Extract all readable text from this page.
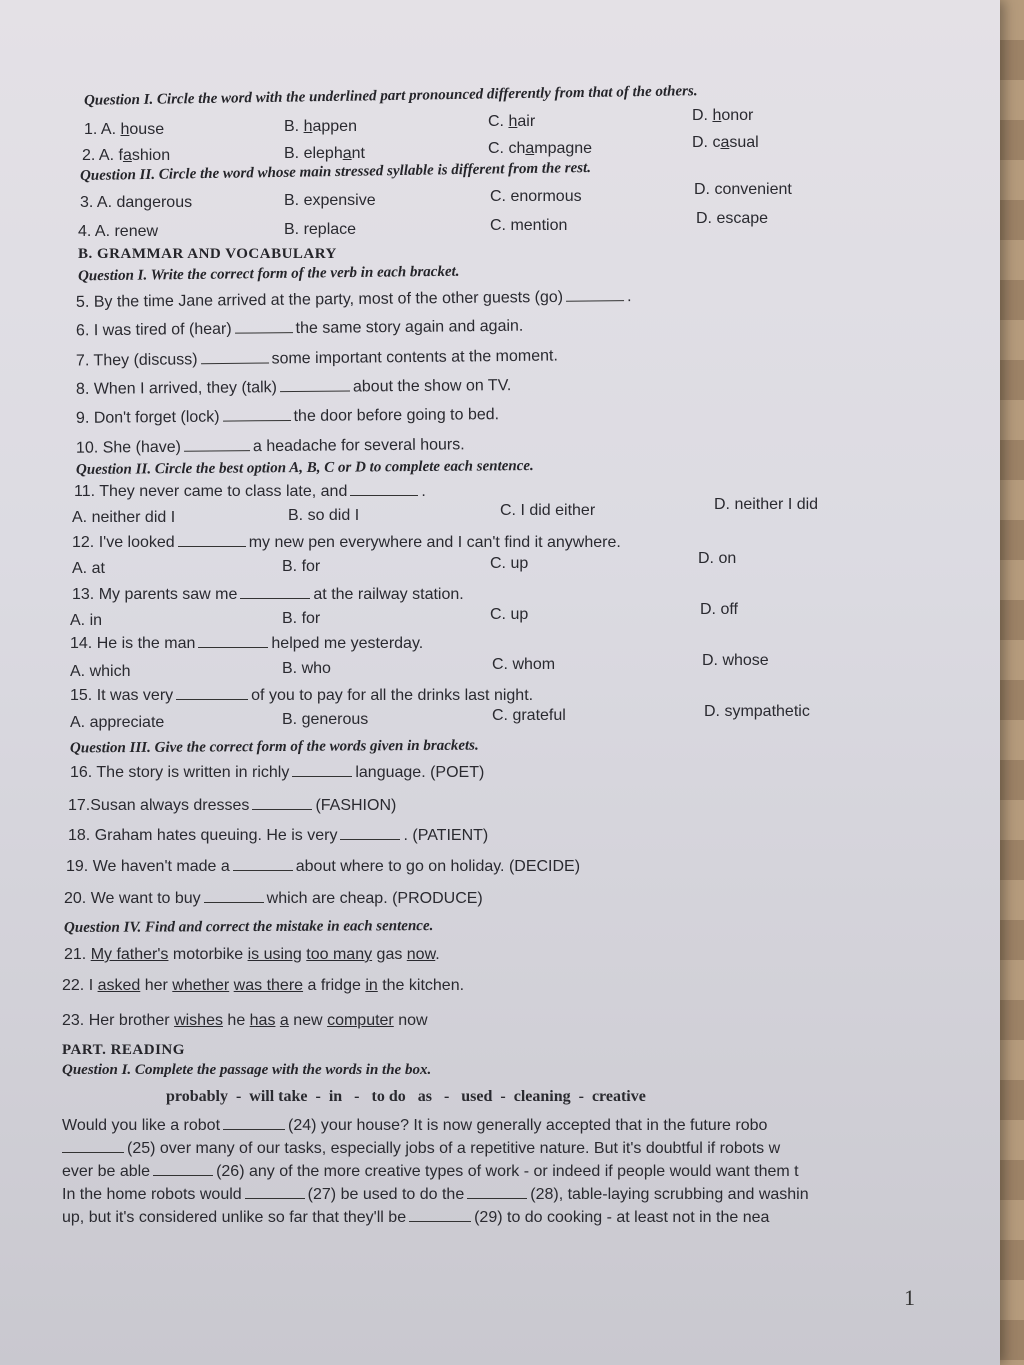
Question I. Circle the word with the underlined part pronounced differently from that of the others.
1. A. house	B. happen	C. hair	D. honor
2. A. fashion	B. elephant	C. champagne	D. casual
Question II. Circle the word whose main stressed syllable is different from the rest.
3. A. dangerous	B. expensive	C. enormous	D. convenient
4. A. renew	B. replace	C. mention	D. escape
B. GRAMMAR AND VOCABULARY
Question I. Write the correct form of the verb in each bracket.
5. By the time Jane arrived at the party, most of the other guests (go)	.
6. I was tired of (hear)	the same story again and again.
7. They (discuss)	some important contents at the moment.
8. When I arrived, they (talk)	about the show on TV.
9. Don't forget (lock)	the door before going to bed.
10. She (have)	a headache for several hours.
Question II. Circle the best option A, B, C or D to complete each sentence.
11. They never came to class late, and	.
A. neither did I	B. so did I	C. I did either	D. neither I did
12. I've looked	my new pen everywhere and I can't find it anywhere.
A. at	B. for	C. up	D. on
13. My parents saw me	at the railway station.
A. in	B. for	C. up	D. off
14. He is the man	helped me yesterday.
A. which	B. who	C. whom	D. whose
15. It was very	of you to pay for all the drinks last night.
A. appreciate	B. generous	C. grateful	D. sympathetic
Question III. Give the correct form of the words given in brackets.
16. The story is written in richly	language. (POET)
17.Susan always dresses	(FASHION)
18. Graham hates queuing. He is very	. (PATIENT)
19. We haven't made a	about where to go on holiday. (DECIDE)
20. We want to buy	which are cheap. (PRODUCE)
Question IV. Find and correct the mistake in each sentence.
21. My father's motorbike is using too many gas now.
22. I asked her whether was there a fridge in the kitchen.
23. Her brother wishes he has a new computer now
PART. READING
Question I. Complete the passage with the words in the box.
probably  -  will take  -  in   -   to do   as   -   used  -  cleaning  -  creative
Would you like a robot	(24) your house? It is now generally accepted that in the future robo
(25) over many of our tasks, especially jobs of a repetitive nature. But it's doubtful if robots w
ever be able	(26) any of the more creative types of work - or indeed if people would want them t
In the home robots would	(27) be used to do the	(28), table-laying scrubbing and washin
up, but it's considered unlike so far that they'll be	(29) to do cooking - at least not in the nea
1
